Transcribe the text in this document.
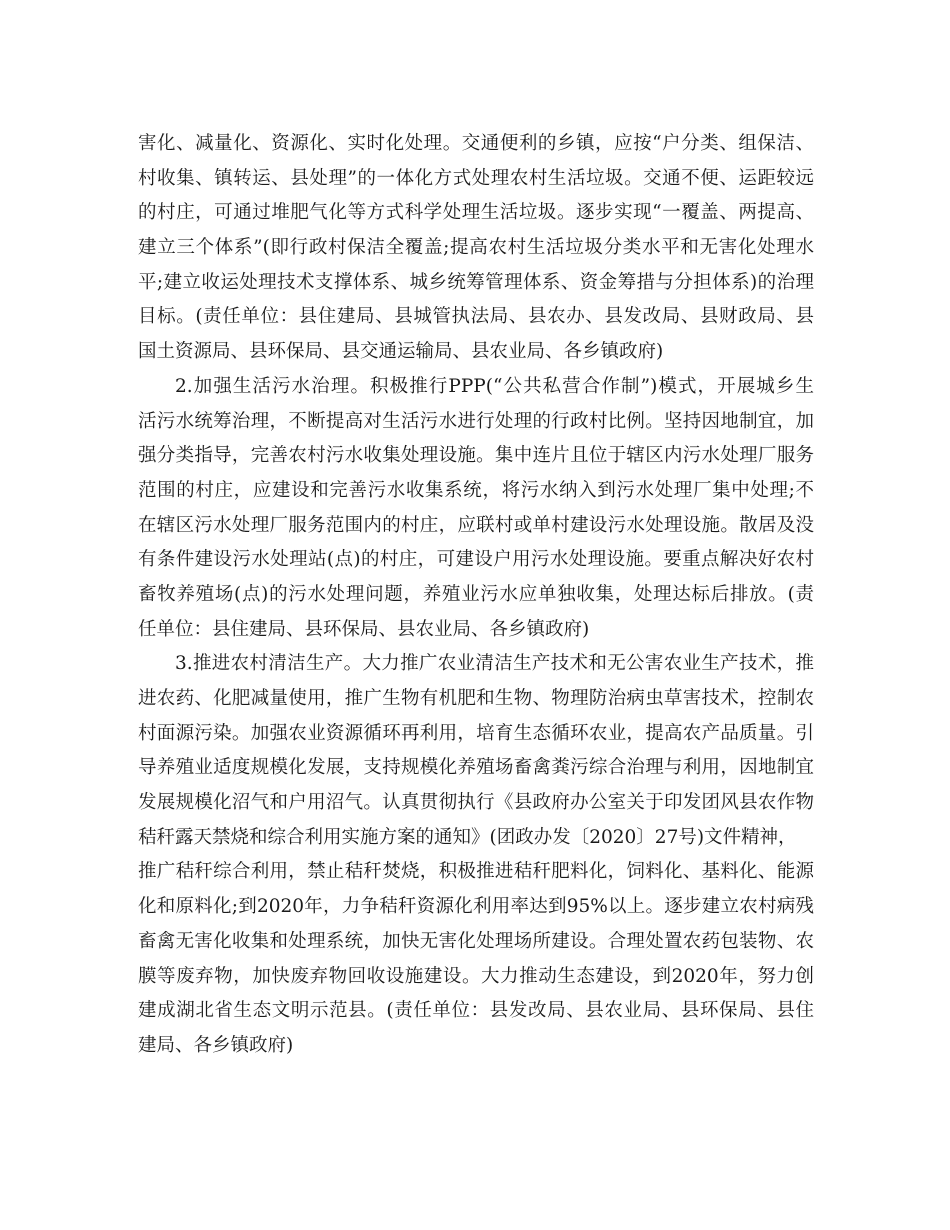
害化、减量化、资源化、实时化处理。交通便利的乡镇，应按“户分类、组保洁、
村收集、镇转运、县处理”的一体化方式处理农村生活垃圾。交通不便、运距较远
的村庄，可通过堆肥气化等方式科学处理生活垃圾。逐步实现“一覆盖、两提高、
建立三个体系”(即行政村保洁全覆盖;提高农村生活垃圾分类水平和无害化处理水
平;建立收运处理技术支撑体系、城乡统筹管理体系、资金筹措与分担体系)的治理
目标。(责任单位：县住建局、县城管执法局、县农办、县发改局、县财政局、县
国土资源局、县环保局、县交通运输局、县农业局、各乡镇政府)
2.加强生活污水治理。积极推行PPP(“公共私营合作制”)模式，开展城乡生
活污水统筹治理，不断提高对生活污水进行处理的行政村比例。坚持因地制宜，加
强分类指导，完善农村污水收集处理设施。集中连片且位于辖区内污水处理厂服务
范围的村庄，应建设和完善污水收集系统，将污水纳入到污水处理厂集中处理;不
在辖区污水处理厂服务范围内的村庄，应联村或单村建设污水处理设施。散居及没
有条件建设污水处理站(点)的村庄，可建设户用污水处理设施。要重点解决好农村
畜牧养殖场(点)的污水处理问题，养殖业污水应单独收集，处理达标后排放。(责
任单位：县住建局、县环保局、县农业局、各乡镇政府)
3.推进农村清洁生产。大力推广农业清洁生产技术和无公害农业生产技术，推
进农药、化肥减量使用，推广生物有机肥和生物、物理防治病虫草害技术，控制农
村面源污染。加强农业资源循环再利用，培育生态循环农业，提高农产品质量。引
导养殖业适度规模化发展，支持规模化养殖场畜禽粪污综合治理与利用，因地制宜
发展规模化沼气和户用沼气。认真贯彻执行《县政府办公室关于印发团风县农作物
秸秆露天禁烧和综合利用实施方案的通知》(团政办发〔2020〕27号)文件精神，
推广秸秆综合利用，禁止秸秆焚烧，积极推进秸秆肥料化，饲料化、基料化、能源
化和原料化;到2020年，力争秸秆资源化利用率达到95%以上。逐步建立农村病残
畜禽无害化收集和处理系统，加快无害化处理场所建设。合理处置农药包装物、农
膜等废弃物，加快废弃物回收设施建设。大力推动生态建设，到2020年，努力创
建成湖北省生态文明示范县。(责任单位：县发改局、县农业局、县环保局、县住
建局、各乡镇政府)
